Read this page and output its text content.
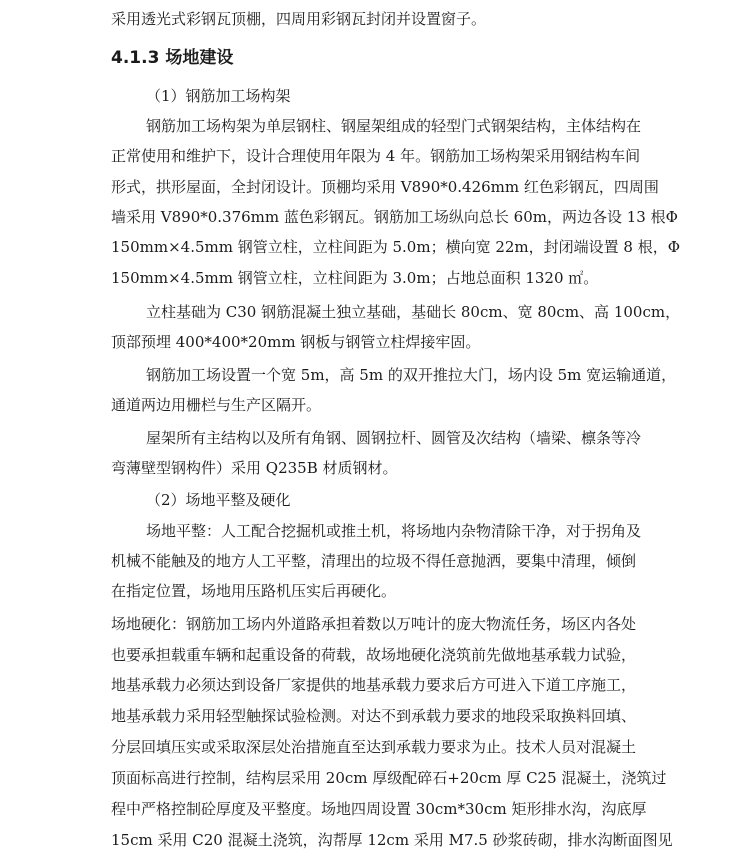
采用透光式彩钢瓦顶棚，四周用彩钢瓦封闭并设置窗子。
4.1.3 场地建设
（1）钢筋加工场构架
钢筋加工场构架为单层钢柱、钢屋架组成的轻型门式钢架结构，主体结构在
正常使用和维护下，设计合理使用年限为 4 年。钢筋加工场构架采用钢结构车间
形式，拱形屋面，全封闭设计。顶棚均采用 V890*0.426mm 红色彩钢瓦，四周围
墙采用 V890*0.376mm 蓝色彩钢瓦。钢筋加工场纵向总长 60m，两边各设 13 根Φ
150mm×4.5mm 钢管立柱，立柱间距为 5.0m；横向宽 22m，封闭端设置 8 根，Φ
150mm×4.5mm 钢管立柱，立柱间距为 3.0m；占地总面积 1320 ㎡。
立柱基础为 C30 钢筋混凝土独立基础，基础长 80cm、宽 80cm、高 100cm，
顶部预埋 400*400*20mm 钢板与钢管立柱焊接牢固。
钢筋加工场设置一个宽 5m，高 5m 的双开推拉大门，场内设 5m 宽运输通道，
通道两边用栅栏与生产区隔开。
屋架所有主结构以及所有角钢、圆钢拉杆、圆管及次结构（墙梁、檩条等冷
弯薄壁型钢构件）采用 Q235B 材质钢材。
（2）场地平整及硬化
场地平整：人工配合挖掘机或推土机，将场地内杂物清除干净，对于拐角及
机械不能触及的地方人工平整，清理出的垃圾不得任意抛洒，要集中清理，倾倒
在指定位置，场地用压路机压实后再硬化。
场地硬化：钢筋加工场内外道路承担着数以万吨计的庞大物流任务，场区内各处
也要承担载重车辆和起重设备的荷载，故场地硬化浇筑前先做地基承载力试验，
地基承载力必须达到设备厂家提供的地基承载力要求后方可进入下道工序施工，
地基承载力采用轻型触探试验检测。对达不到承载力要求的地段采取换料回填、
分层回填压实或采取深层处治措施直至达到承载力要求为止。技术人员对混凝土
顶面标高进行控制，结构层采用 20cm 厚级配碎石+20cm 厚 C25 混凝土，浇筑过
程中严格控制砼厚度及平整度。场地四周设置 30cm*30cm 矩形排水沟，沟底厚
15cm 采用 C20 混凝土浇筑，沟帮厚 12cm 采用 M7.5 砂浆砖砌，排水沟断面图见
